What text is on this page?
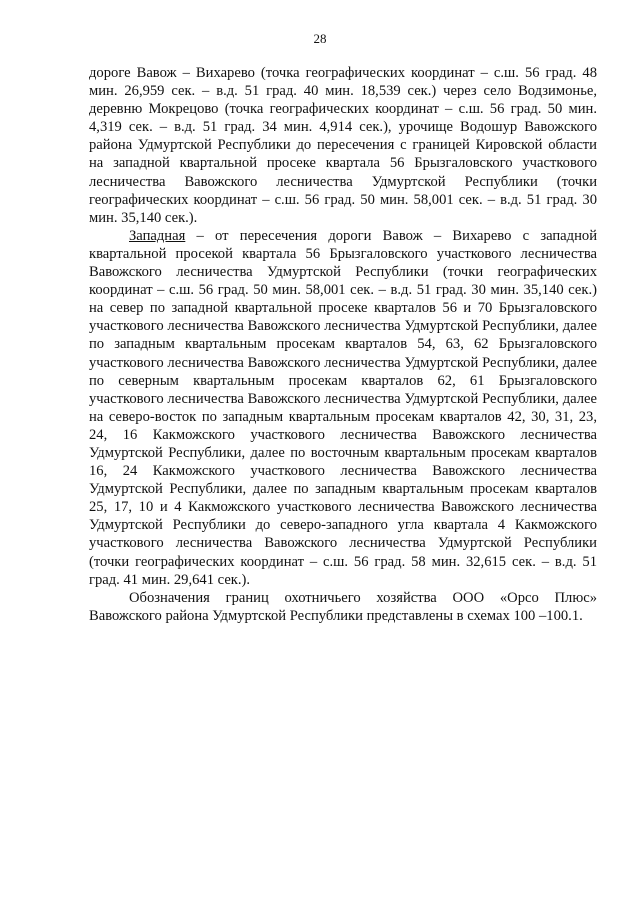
28

дороге Вавож – Вихарево (точка географических координат – с.ш. 56 град. 48 мин. 26,959 сек. – в.д. 51 град. 40 мин. 18,539 сек.) через село Водзимонье, деревню Мокрецово (точка географических координат – с.ш. 56 град. 50 мин. 4,319 сек. – в.д. 51 град. 34 мин. 4,914 сек.), урочище Водошур Вавожского района Удмуртской Республики до пересечения с границей Кировской области на западной квартальной просеке квартала 56 Брызгаловского участкового лесничества Вавожского лесничества Удмуртской Республики (точки географических координат – с.ш. 56 град. 50 мин. 58,001 сек. – в.д. 51 град. 30 мин. 35,140 сек.).

Западная – от пересечения дороги Вавож – Вихарево с западной квартальной просекой квартала 56 Брызгаловского участкового лесничества Вавожского лесничества Удмуртской Республики (точки географических координат – с.ш. 56 град. 50 мин. 58,001 сек. – в.д. 51 град. 30 мин. 35,140 сек.) на север по западной квартальной просеке кварталов 56 и 70 Брызгаловского участкового лесничества Вавожского лесничества Удмуртской Республики, далее по западным квартальным просекам кварталов 54, 63, 62 Брызгаловского участкового лесничества Вавожского лесничества Удмуртской Республики, далее по северным квартальным просекам кварталов 62, 61 Брызгаловского участкового лесничества Вавожского лесничества Удмуртской Республики, далее на северо-восток по западным квартальным просекам кварталов 42, 30, 31, 23, 24, 16 Какможского участкового лесничества Вавожского лесничества Удмуртской Республики, далее по восточным квартальным просекам кварталов 16, 24 Какможского участкового лесничества Вавожского лесничества Удмуртской Республики, далее по западным квартальным просекам кварталов 25, 17, 10 и 4 Какможского участкового лесничества Вавожского лесничества Удмуртской Республики до северо-западного угла квартала 4 Какможского участкового лесничества Вавожского лесничества Удмуртской Республики (точки географических координат – с.ш. 56 град. 58 мин. 32,615 сек. – в.д. 51 град. 41 мин. 29,641 сек.).

Обозначения границ охотничьего хозяйства ООО «Орсо Плюс» Вавожского района Удмуртской Республики представлены в схемах 100 –100.1.
